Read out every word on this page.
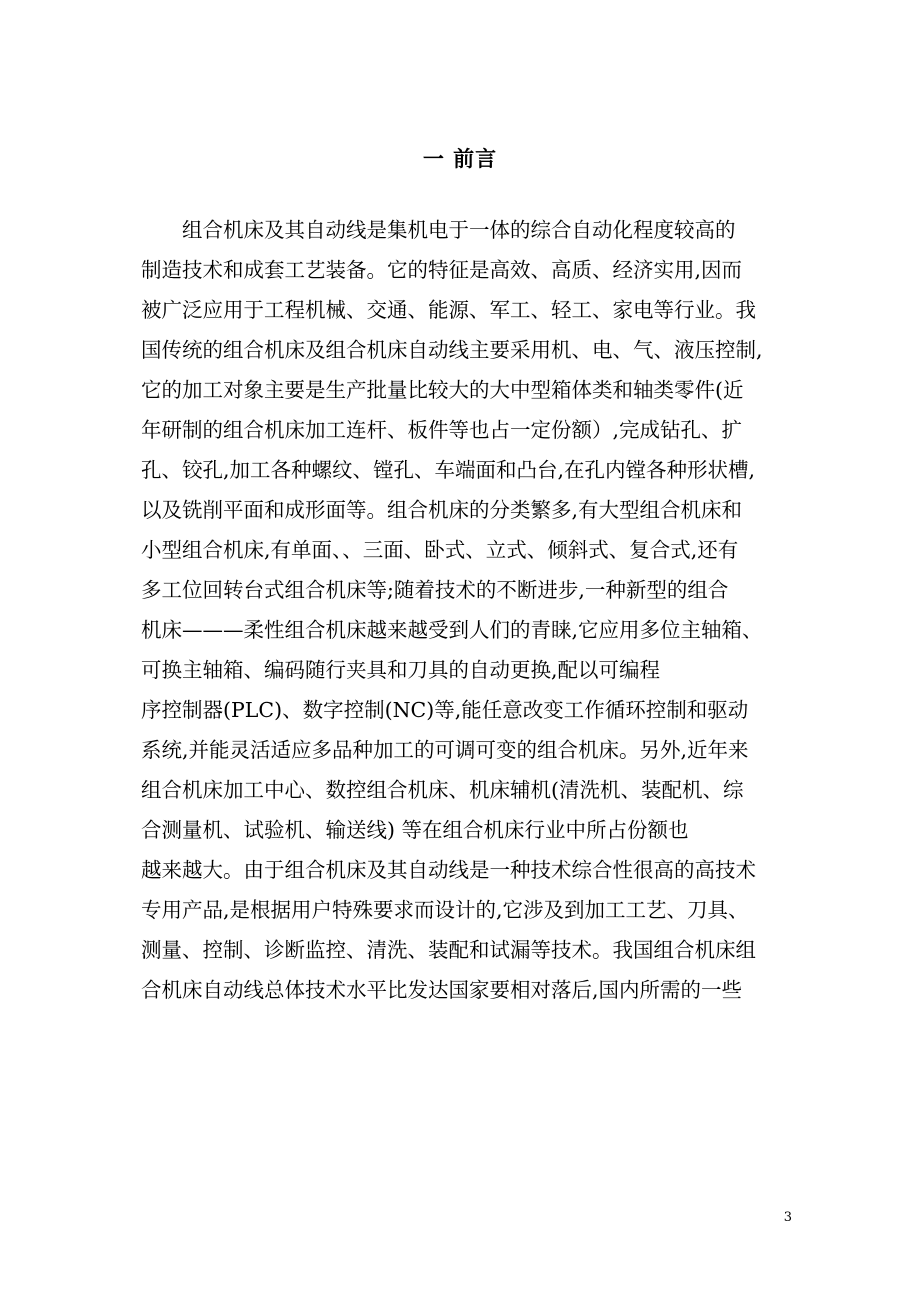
一 前言
组合机床及其自动线是集机电于一体的综合自动化程度较高的
制造技术和成套工艺装备。它的特征是高效、高质、经济实用,因而
被广泛应用于工程机械、交通、能源、军工、轻工、家电等行业。我
国传统的组合机床及组合机床自动线主要采用机、电、气、液压控制,
它的加工对象主要是生产批量比较大的大中型箱体类和轴类零件(近
年研制的组合机床加工连杆、板件等也占一定份额）,完成钻孔、扩
孔、铰孔,加工各种螺纹、镗孔、车端面和凸台,在孔内镗各种形状槽,
以及铣削平面和成形面等。组合机床的分类繁多,有大型组合机床和
小型组合机床,有单面、、三面、卧式、立式、倾斜式、复合式,还有
多工位回转台式组合机床等;随着技术的不断进步,一种新型的组合
机床———柔性组合机床越来越受到人们的青睐,它应用多位主轴箱、
可换主轴箱、编码随行夹具和刀具的自动更换,配以可编程
序控制器(PLC)、数字控制(NC)等,能任意改变工作循环控制和驱动
系统,并能灵活适应多品种加工的可调可变的组合机床。另外,近年来
组合机床加工中心、数控组合机床、机床辅机(清洗机、装配机、综
合测量机、试验机、输送线) 等在组合机床行业中所占份额也
越来越大。由于组合机床及其自动线是一种技术综合性很高的高技术
专用产品,是根据用户特殊要求而设计的,它涉及到加工工艺、刀具、
测量、控制、诊断监控、清洗、装配和试漏等技术。我国组合机床组
合机床自动线总体技术水平比发达国家要相对落后,国内所需的一些
3
